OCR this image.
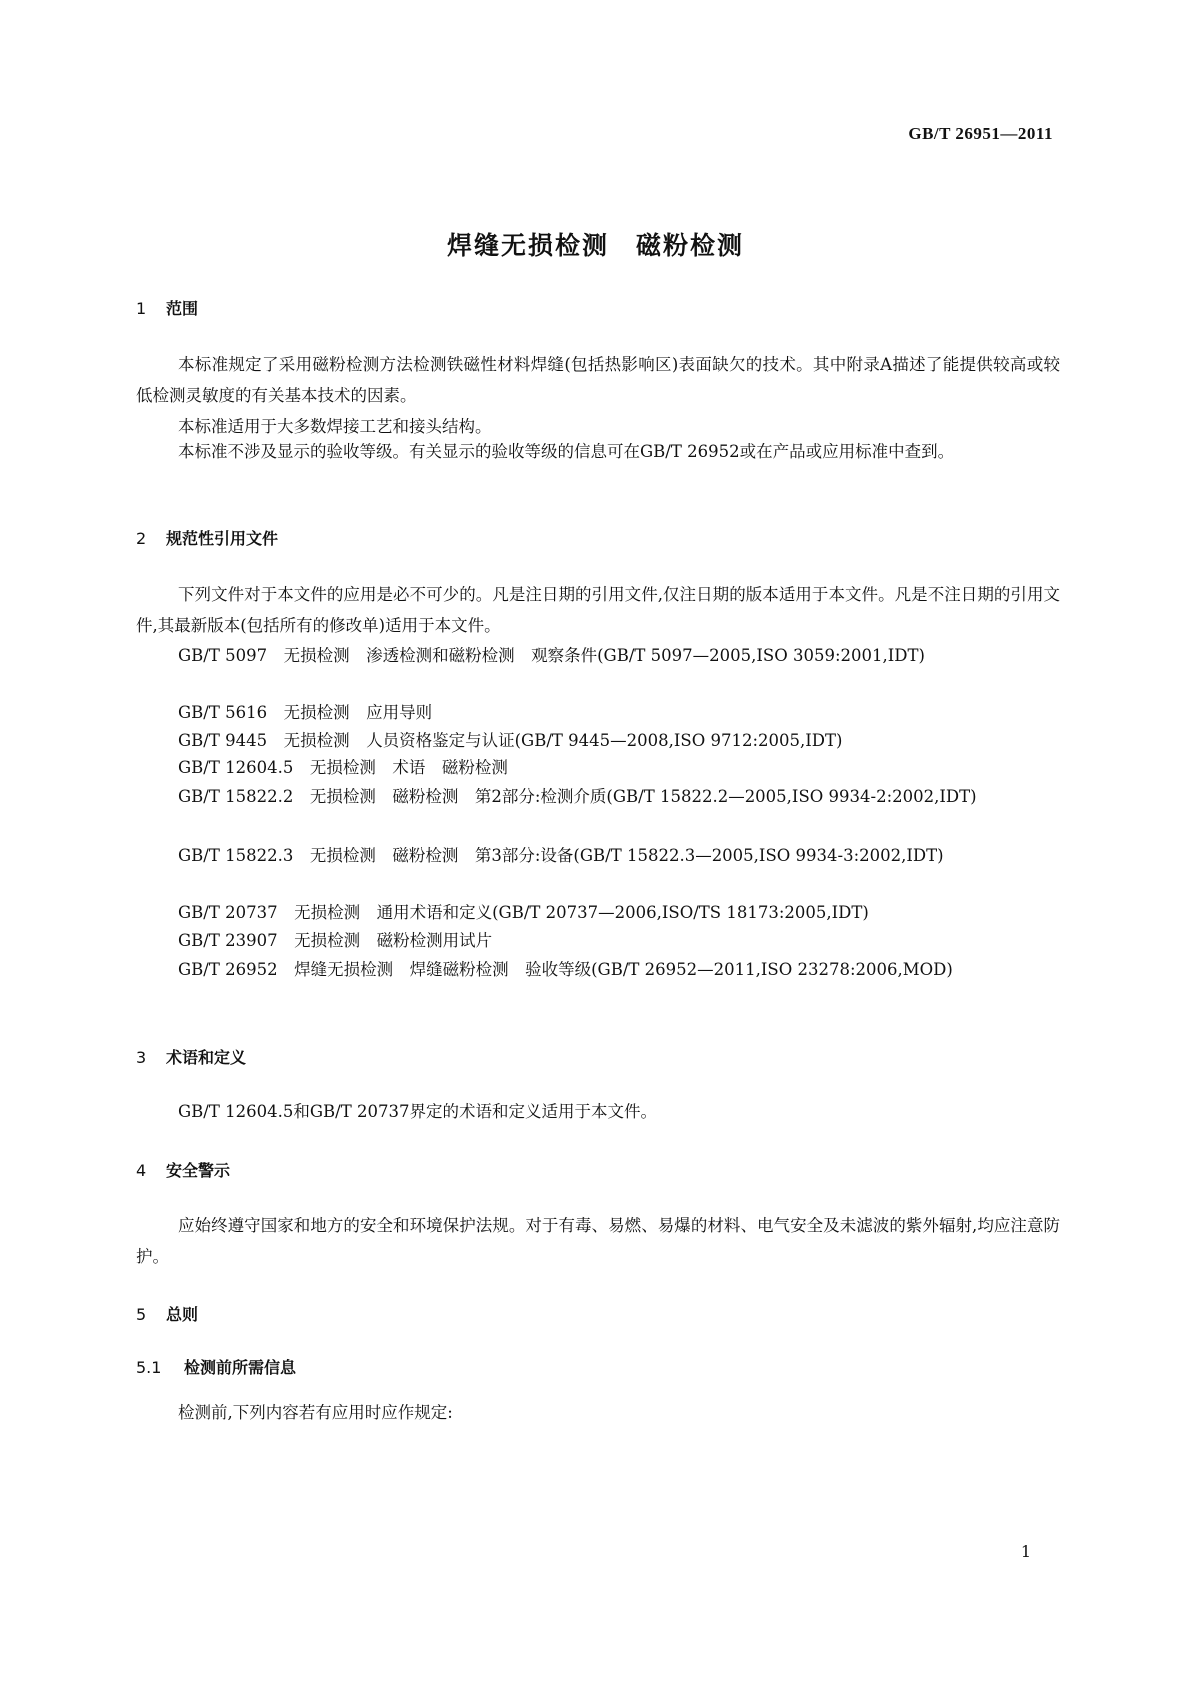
GB/T 26951—2011
焊缝无损检测　磁粉检测
1 范围
本标准规定了采用磁粉检测方法检测铁磁性材料焊缝(包括热影响区)表面缺欠的技术。其中附录A描述了能提供较高或较低检测灵敏度的有关基本技术的因素。
本标准适用于大多数焊接工艺和接头结构。
本标准不涉及显示的验收等级。有关显示的验收等级的信息可在GB/T 26952或在产品或应用标准中查到。
2 规范性引用文件
下列文件对于本文件的应用是必不可少的。凡是注日期的引用文件,仅注日期的版本适用于本文件。凡是不注日期的引用文件,其最新版本(包括所有的修改单)适用于本文件。
GB/T 5097　无损检测　渗透检测和磁粉检测　观察条件(GB/T 5097—2005,ISO 3059:2001,IDT)
GB/T 5616　无损检测　应用导则
GB/T 9445　无损检测　人员资格鉴定与认证(GB/T 9445—2008,ISO 9712:2005,IDT)
GB/T 12604.5　无损检测　术语　磁粉检测
GB/T 15822.2　无损检测　磁粉检测　第2部分:检测介质(GB/T 15822.2—2005,ISO 9934-2:2002,IDT)
GB/T 15822.3　无损检测　磁粉检测　第3部分:设备(GB/T 15822.3—2005,ISO 9934-3:2002,IDT)
GB/T 20737　无损检测　通用术语和定义(GB/T 20737—2006,ISO/TS 18173:2005,IDT)
GB/T 23907　无损检测　磁粉检测用试片
GB/T 26952　焊缝无损检测　焊缝磁粉检测　验收等级(GB/T 26952—2011,ISO 23278:2006,MOD)
3 术语和定义
GB/T 12604.5和GB/T 20737界定的术语和定义适用于本文件。
4 安全警示
应始终遵守国家和地方的安全和环境保护法规。对于有毒、易燃、易爆的材料、电气安全及未滤波的紫外辐射,均应注意防护。
5 总则
5.1 检测前所需信息
检测前,下列内容若有应用时应作规定:
1
